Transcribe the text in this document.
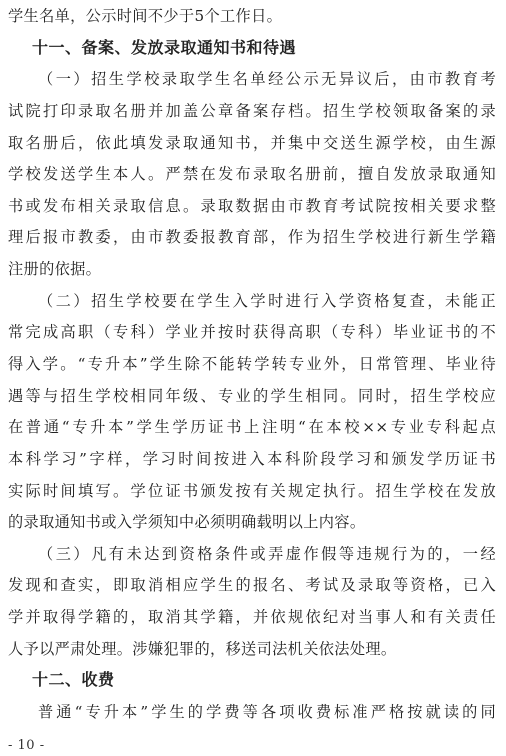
学生名单，公示时间不少于5个工作日。
十一、备案、发放录取通知书和待遇
（一）招生学校录取学生名单经公示无异议后，由市教育考
试院打印录取名册并加盖公章备案存档。招生学校领取备案的录
取名册后，依此填发录取通知书，并集中交送生源学校，由生源
学校发送学生本人。严禁在发布录取名册前，擅自发放录取通知
书或发布相关录取信息。录取数据由市教育考试院按相关要求整
理后报市教委，由市教委报教育部，作为招生学校进行新生学籍
注册的依据。
（二）招生学校要在学生入学时进行入学资格复查，未能正
常完成高职（专科）学业并按时获得高职（专科）毕业证书的不
得入学。“专升本”学生除不能转学转专业外，日常管理、毕业待
遇等与招生学校相同年级、专业的学生相同。同时，招生学校应
在普通“专升本”学生学历证书上注明“在本校××专业专科起点
本科学习”字样，学习时间按进入本科阶段学习和颁发学历证书
实际时间填写。学位证书颁发按有关规定执行。招生学校在发放
的录取通知书或入学须知中必须明确载明以上内容。
（三）凡有未达到资格条件或弄虚作假等违规行为的，一经
发现和查实，即取消相应学生的报名、考试及录取等资格，已入
学并取得学籍的，取消其学籍，并依规依纪对当事人和有关责任
人予以严肃处理。涉嫌犯罪的，移送司法机关依法处理。
十二、收费
普通“专升本”学生的学费等各项收费标准严格按就读的同
- 10 -
